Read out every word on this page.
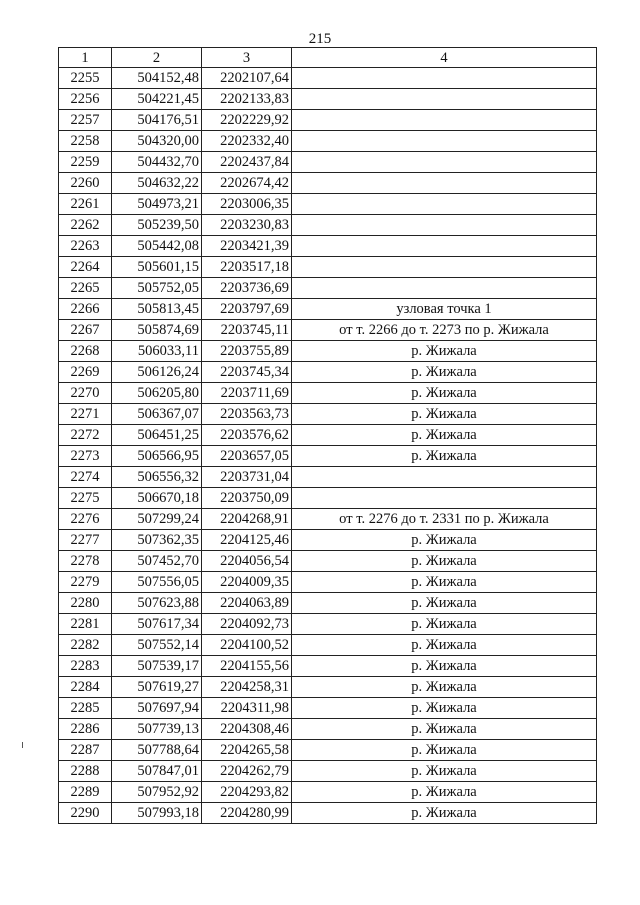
215
1	2	3	4
2255	504152,48	2202107,64	
2256	504221,45	2202133,83	
2257	504176,51	2202229,92	
2258	504320,00	2202332,40	
2259	504432,70	2202437,84	
2260	504632,22	2202674,42	
2261	504973,21	2203006,35	
2262	505239,50	2203230,83	
2263	505442,08	2203421,39	
2264	505601,15	2203517,18	
2265	505752,05	2203736,69	
2266	505813,45	2203797,69	узловая точка 1
2267	505874,69	2203745,11	от т. 2266 до т. 2273 по р. Жижала
2268	506033,11	2203755,89	р. Жижала
2269	506126,24	2203745,34	р. Жижала
2270	506205,80	2203711,69	р. Жижала
2271	506367,07	2203563,73	р. Жижала
2272	506451,25	2203576,62	р. Жижала
2273	506566,95	2203657,05	р. Жижала
2274	506556,32	2203731,04	
2275	506670,18	2203750,09	
2276	507299,24	2204268,91	от т. 2276 до т. 2331 по р. Жижала
2277	507362,35	2204125,46	р. Жижала
2278	507452,70	2204056,54	р. Жижала
2279	507556,05	2204009,35	р. Жижала
2280	507623,88	2204063,89	р. Жижала
2281	507617,34	2204092,73	р. Жижала
2282	507552,14	2204100,52	р. Жижала
2283	507539,17	2204155,56	р. Жижала
2284	507619,27	2204258,31	р. Жижала
2285	507697,94	2204311,98	р. Жижала
2286	507739,13	2204308,46	р. Жижала
2287	507788,64	2204265,58	р. Жижала
2288	507847,01	2204262,79	р. Жижала
2289	507952,92	2204293,82	р. Жижала
2290	507993,18	2204280,99	р. Жижала
